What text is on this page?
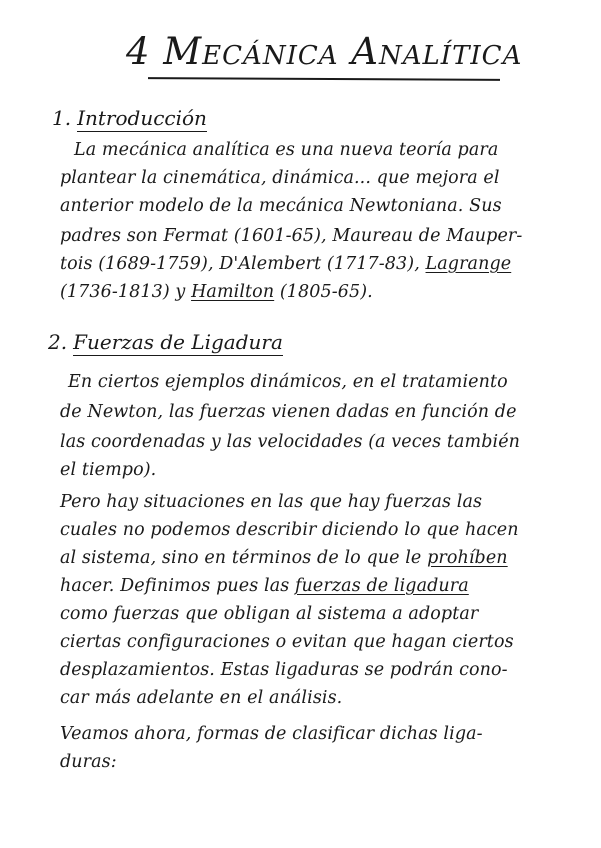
4 Mecánica Analítica
1. Introducción
La mecánica analítica es una nueva teoría para
plantear la cinemática, dinámica... que mejora el
anterior modelo de la mecánica Newtoniana. Sus
padres son Fermat (1601-65), Maureau de Mauper-
tois (1689-1759), D'Alembert (1717-83), Lagrange
(1736-1813) y Hamilton (1805-65).
2. Fuerzas de Ligadura
En ciertos ejemplos dinámicos, en el tratamiento
de Newton, las fuerzas vienen dadas en función de
las coordenadas y las velocidades (a veces también
el tiempo).
Pero hay situaciones en las que hay fuerzas las
cuales no podemos describir diciendo lo que hacen
al sistema, sino en términos de lo que le prohíben
hacer. Definimos pues las fuerzas de ligadura
como fuerzas que obligan al sistema a adoptar
ciertas configuraciones o evitan que hagan ciertos
desplazamientos. Estas ligaduras se podrán cono-
car más adelante en el análisis.
Veamos ahora, formas de clasificar dichas liga-
duras:
